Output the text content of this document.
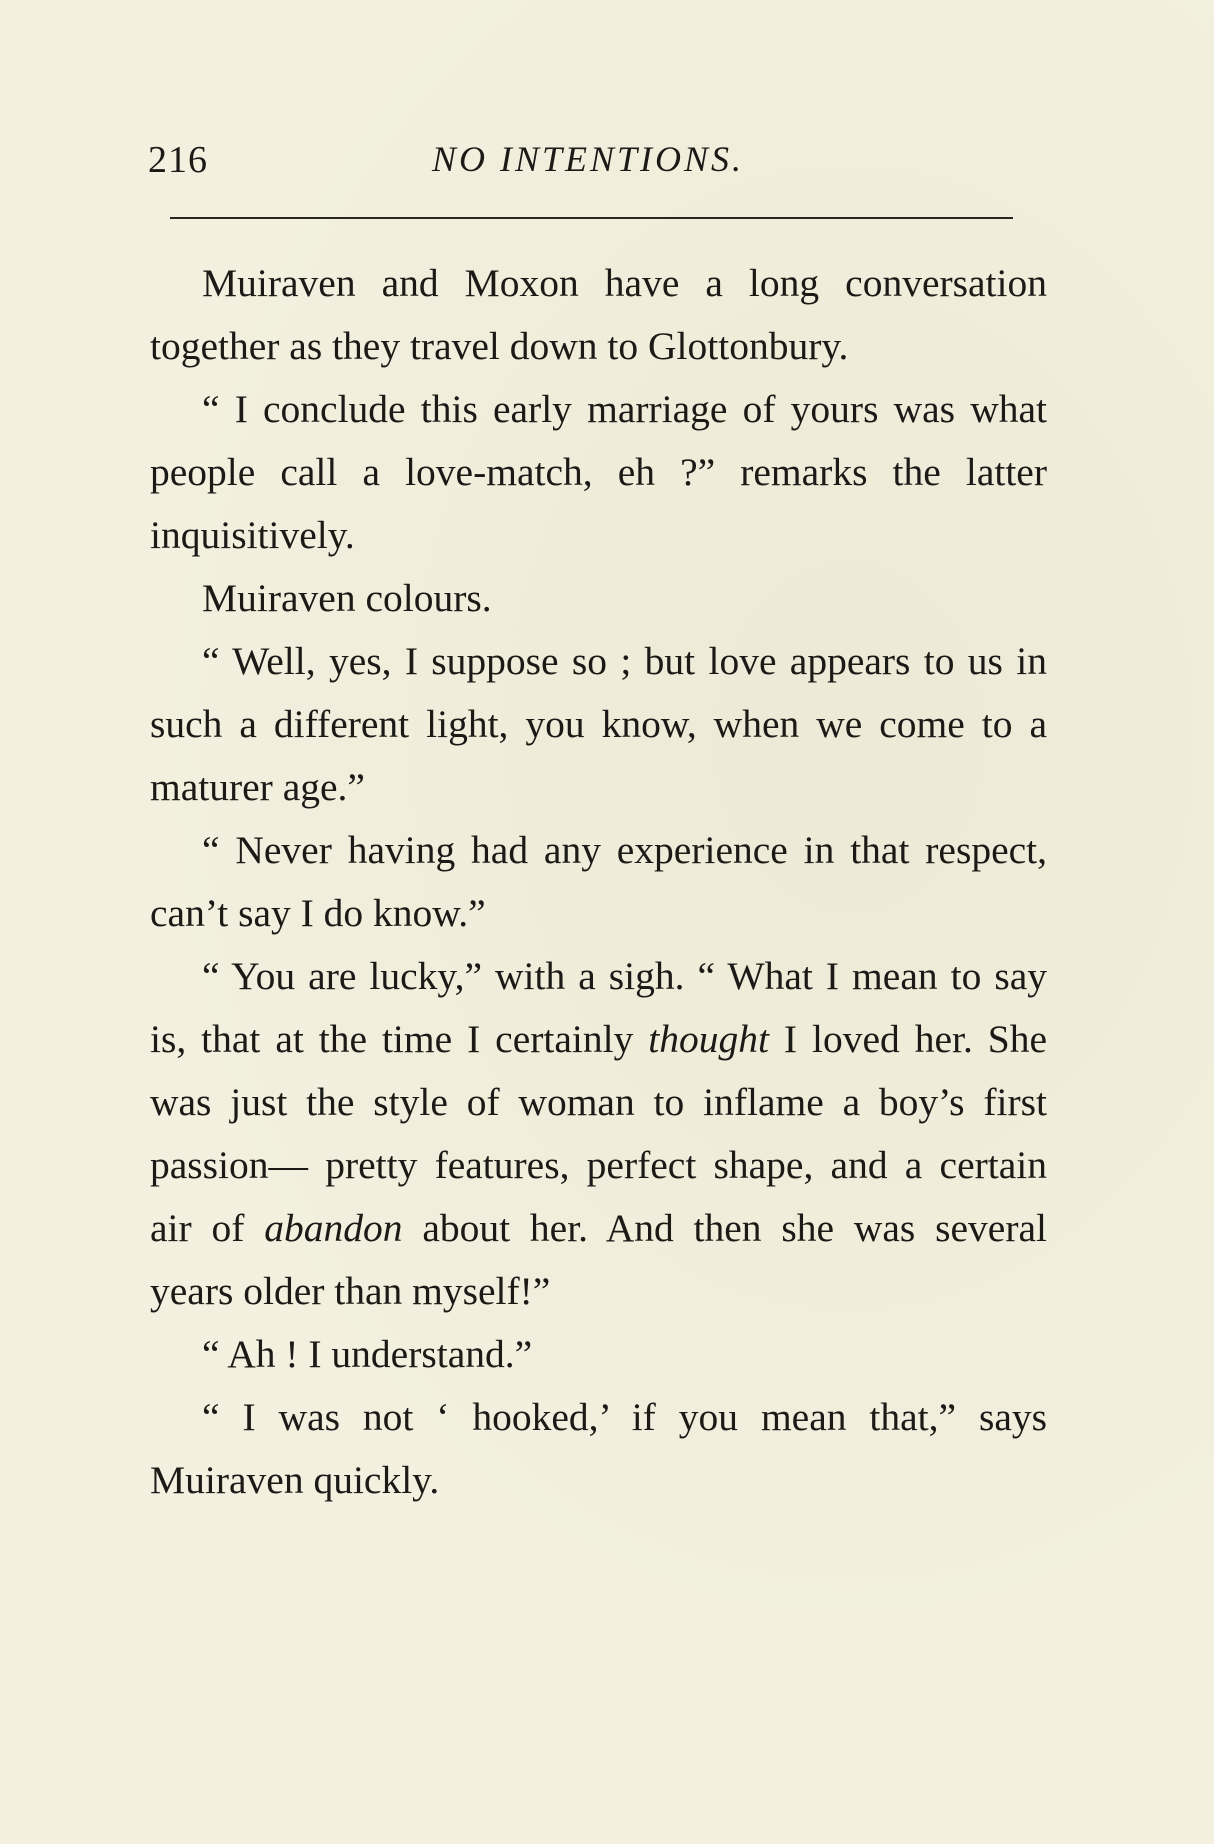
216	NO INTENTIONS.

Muiraven and Moxon have a long conversation together as they travel down to Glottonbury.

“ I conclude this early marriage of yours was what people call a love-match, eh ?” remarks the latter inquisitively.

Muiraven colours.

“ Well, yes, I suppose so ; but love appears to us in such a different light, you know, when we come to a maturer age.”

“ Never having had any experience in that respect, can’t say I do know.”

“ You are lucky,” with a sigh. “ What I mean to say is, that at the time I certainly thought I loved her. She was just the style of woman to inflame a boy’s first passion— pretty features, perfect shape, and a certain air of abandon about her. And then she was several years older than myself!”

“ Ah ! I understand.”

“ I was not ‘ hooked,’ if you mean that,” says Muiraven quickly.
